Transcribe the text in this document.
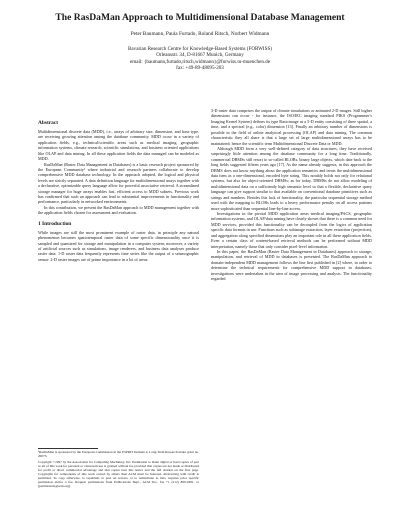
The RasDaMan Approach to Multidimensional Database Management
Peter Baumann, Paula Furtado, Roland Ritsch, Norbert Widmann
Bavarian Research Centre for Knowledge-Based Systems (FORWISS)
Orleansstr. 34, D-81667 Munich, Germany
email: {baumann,furtado,ritsch,widmann}@forwiss.tu-muenchen.de
fax: +49-89-48095-203
Abstract

Multidimensional discrete data (MDD), i.e., arrays of arbitrary size, dimension, and base type, are receiving growing attention among the database community. MDD occur in a variety of application fields, e.g., technical/scientific areas such as medical imaging, geographic information systems, climate research, scientific simulations, and business oriented applications like OLAP and data mining. In all these application fields the data managed can be modeled as MDD.

RasDaMan (Raster Data Management in Databases) is a basic research project sponsored by the European Community¹ where industrial and research partners collaborate to develop comprehensive MDD database technology. In the approach adopted, the logical and physical levels are strictly separated. A data definition language for multidimensional arrays together with a declarative, optimizable query language allow for powerful associative retrieval. A streamlined storage manager for huge arrays enables fast, efficient access to MDD subsets. Previous work has confirmed that such an approach can lead to substantial improvements in functionality and performance, particularly in networked environments.

In this contribution, we present the RasDaMan approach to MDD management together with the application fields chosen for assessment and evaluation.

1 Introduction

While images are still the most prominent example of raster data, in principle any natural phenomenon becomes spatiotemporal raster data of some specific dimensionality once it is sampled and quantized for storage and manipulation in a computer system; moreover, a variety of artificial sources such as simulations, image renderers, and business data analyses produce raster data. 1-D raster data frequently represents time series like the output of a seismographic sensor. 2-D raster images are of prime importance in a lot of areas.

¹RasDaMan is sponsored by the European Commission in the ESPRIT Domain 4, Long-Term Research under grant no. 20073.
Copyright ©1997 by the Association for Computing Machinery, Inc. Permission to make digital or hard copies of part or all of this work for personal or classroom use is granted without fee provided that copies are not made or distributed for profit or direct commercial advantage and that copies bear this notice and the full citation on the first page. Copyrights for components of this work owned by others than ACM must be honored. Abstracting with credit is permitted. To copy otherwise, to republish, to post on servers, or to redistribute to lists, requires prior specific permission and/or a fee. Request permissions from Publications Dept., ACM Inc., fax +1 (212) 869-0481, or (permissions@acm.org).

3-D raster data comprises the output of climate simulations or animated 2-D images. Still higher dimensions can occur - for instance, the ISO/IEC imaging standard PIKS (Programmer's Imaging Kernel System) defines its type Basicimage as a 5-D entity consisting of three spatial, a time, and a spectral (e.g., color) dimension [13]. Finally an arbitrary number of dimensions is possible in the field of online analytical processing (OLAP) and data mining. The common characteristic they all share is that a large set of large multidimensional arrays has to be maintained; hence the scientific term Multidimensional Discrete Data or MDD.

Although MDD form a very well-defined category of data structures, they have received surprisingly little attention among the database community for a long time. Traditionally, commercial DBMSs still resort to so-called BLOBs, binary large objects, which date back to the long fields suggested fifteen years ago [17]. As the name already suggests, in this approach the DBMS does not know anything about the application semantics and treats the multidimensional data item as a one-dimensional, encoded byte string. This notably holds not only for relational systems, but also for object-oriented DBMSs; as for today, DBMSs do not allow modeling of multidimensional data on a sufficiently high semantic level so that a flexible, declarative query language can give support similar to that available on conventional database primitives such as strings and numbers. Besides this lack of functionality, the particular sequential storage method used with the mapping to BLOBs leads to a heavy performance penalty on all access patterns more sophisticated than sequential line-by-line access.

Investigations in the pivotal MDD application areas medical imaging/PACS, geographic information systems, and OLAP/data mining have clearly shown that there is a common need for MDD services, provided this functionality can be decoupled from the logics of application specific data formats in use. Functions such as subimage extraction, layer extraction (projection), and aggregation along specified dimensions play an important role in all these application fields. Even a certain class of content-based retrieval methods can be performed without MDD interpretation, namely those that only consider pixel-level information.

In this paper, the RasDaMan (Raster Data Management in Databases) approach to storage, manipulation, and retrieval of MDD in databases is presented. The RasDaMan approach to domain-independent MDD management follows the line first published in [2] where, in order to determine the technical requirements for comprehensive MDD support in databases, investigations were undertaken in the area of image processing and analysis. The functionality regarded
